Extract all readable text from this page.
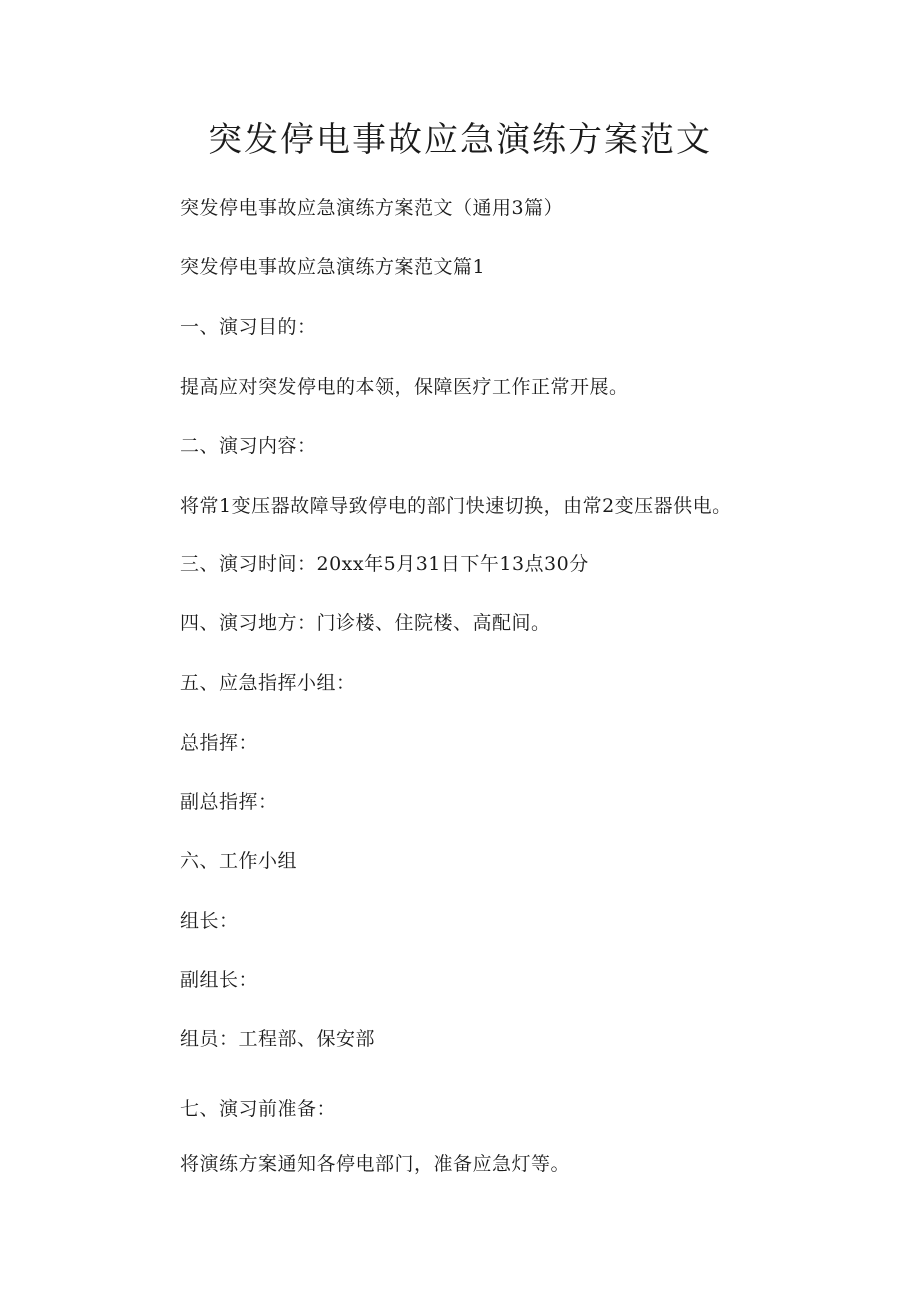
突发停电事故应急演练方案范文

突发停电事故应急演练方案范文（通用3篇）

突发停电事故应急演练方案范文篇1

一、演习目的：

提高应对突发停电的本领，保障医疗工作正常开展。

二、演习内容：

将常1变压器故障导致停电的部门快速切换，由常2变压器供电。

三、演习时间：20xx年5月31日下午13点30分

四、演习地方：门诊楼、住院楼、高配间。

五、应急指挥小组：

总指挥：

副总指挥：

六、工作小组

组长：

副组长：

组员：工程部、保安部

七、演习前准备：

将演练方案通知各停电部门，准备应急灯等。
